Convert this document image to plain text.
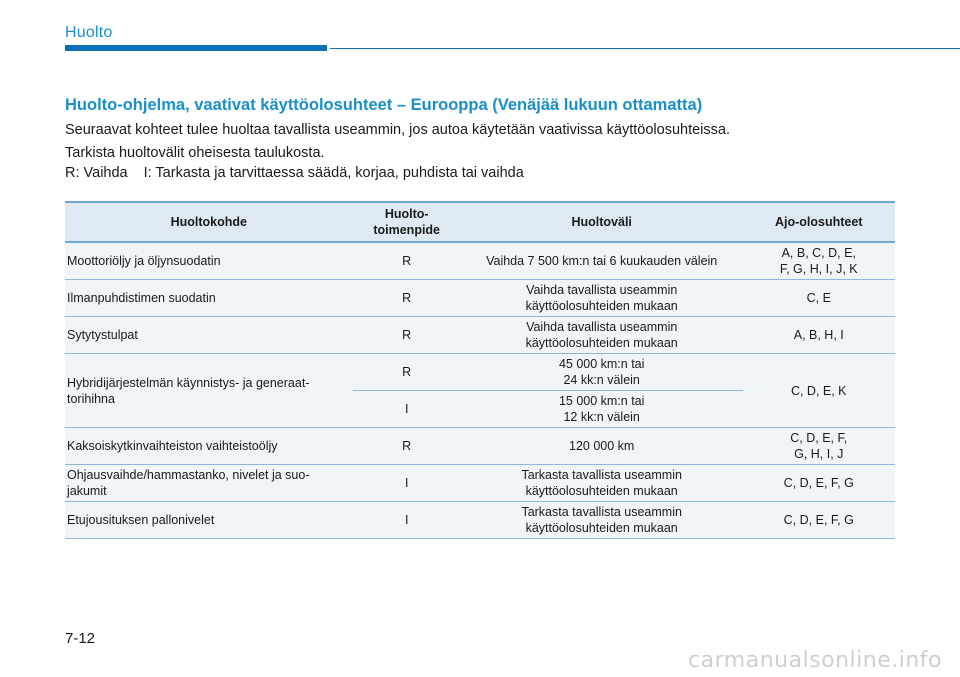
Huolto
Huolto-ohjelma, vaativat käyttöolosuhteet – Eurooppa (Venäjää lukuun ottamatta)
Seuraavat kohteet tulee huoltaa tavallista useammin, jos autoa käytetään vaativissa käyttöolosuhteissa.
Tarkista huoltovälit oheisesta taulukosta.
R: Vaihda I: Tarkasta ja tarvittaessa säädä, korjaa, puhdista tai vaihda
Huoltokohde	Huolto-
toimenpide	Huoltoväli	Ajo-olosuhteet
Moottoriöljy ja öljynsuodatin	R	Vaihda 7 500 km:n tai 6 kuukauden välein	A, B, C, D, E,
F, G, H, I, J, K
Ilmanpuhdistimen suodatin	R	Vaihda tavallista useammin
käyttöolosuhteiden mukaan	C, E
Sytytystulpat	R	Vaihda tavallista useammin
käyttöolosuhteiden mukaan	A, B, H, I
Hybridijärjestelmän käynnistys- ja generaat-
torihihna	R	45 000 km:n tai
24 kk:n välein	C, D, E, K
	I	15 000 km:n tai
12 kk:n välein	
Kaksoiskytkinvaihteiston vaihteistoöljy	R	120 000 km	C, D, E, F,
G, H, I, J
Ohjausvaihde/hammastanko, nivelet ja suo-
jakumit	I	Tarkasta tavallista useammin
käyttöolosuhteiden mukaan	C, D, E, F, G
Etujousituksen pallonivelet	I	Tarkasta tavallista useammin
käyttöolosuhteiden mukaan	C, D, E, F, G
7-12
carmanualsonline.info
